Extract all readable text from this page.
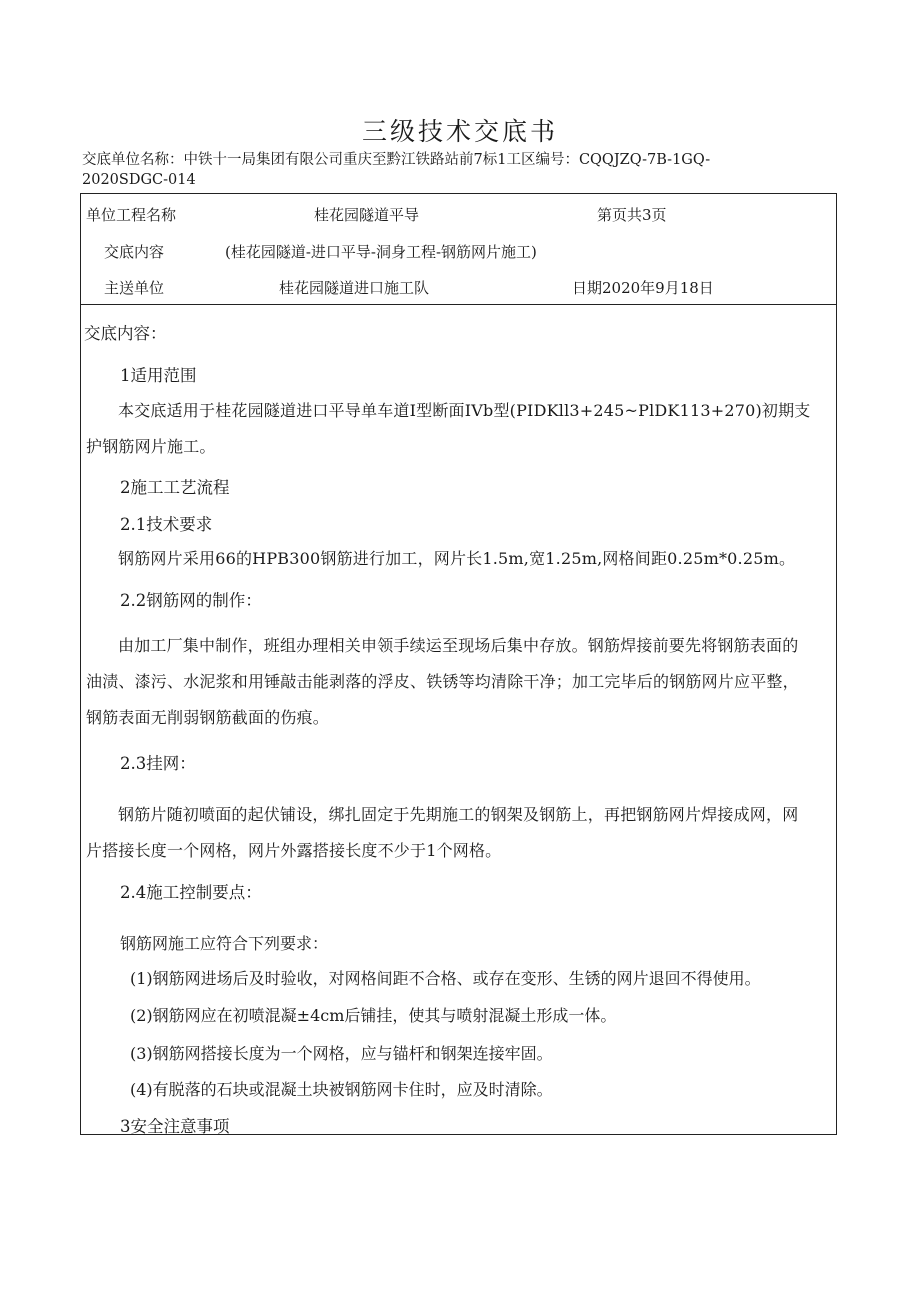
三级技术交底书
交底单位名称：中铁十一局集团有限公司重庆至黔江铁路站前7标1工区编号：CQQJZQ-7B-1GQ-2020SDGC-014
单位工程名称	桂花园隧道平导	第页共3页
交底内容	(桂花园隧道-进口平导-洞身工程-钢筋网片施工)
主送单位	桂花园隧道进口施工队	日期2020年9月18日
交底内容：
1适用范围
本交底适用于桂花园隧道进口平导单车道I型断面IVb型(PIDKll3+245~PlDK113+270)初期支护钢筋网片施工。
2施工工艺流程
2.1技术要求
钢筋网片采用66的HPB300钢筋进行加工，网片长1.5m,宽1.25m,网格间距0.25m*0.25m。
2.2钢筋网的制作：
由加工厂集中制作，班组办理相关申领手续运至现场后集中存放。钢筋焊接前要先将钢筋表面的油渍、漆污、水泥浆和用锤敲击能剥落的浮皮、铁锈等均清除干净；加工完毕后的钢筋网片应平整，钢筋表面无削弱钢筋截面的伤痕。
2.3挂网：
钢筋片随初喷面的起伏铺设，绑扎固定于先期施工的钢架及钢筋上，再把钢筋网片焊接成网，网片搭接长度一个网格，网片外露搭接长度不少于1个网格。
2.4施工控制要点：
钢筋网施工应符合下列要求：
(1)钢筋网进场后及时验收，对网格间距不合格、或存在变形、生锈的网片退回不得使用。
(2)钢筋网应在初喷混凝±4cm后铺挂，使其与喷射混凝土形成一体。
(3)钢筋网搭接长度为一个网格，应与锚杆和钢架连接牢固。
(4)有脱落的石块或混凝土块被钢筋网卡住时，应及时清除。
3安全注意事项
